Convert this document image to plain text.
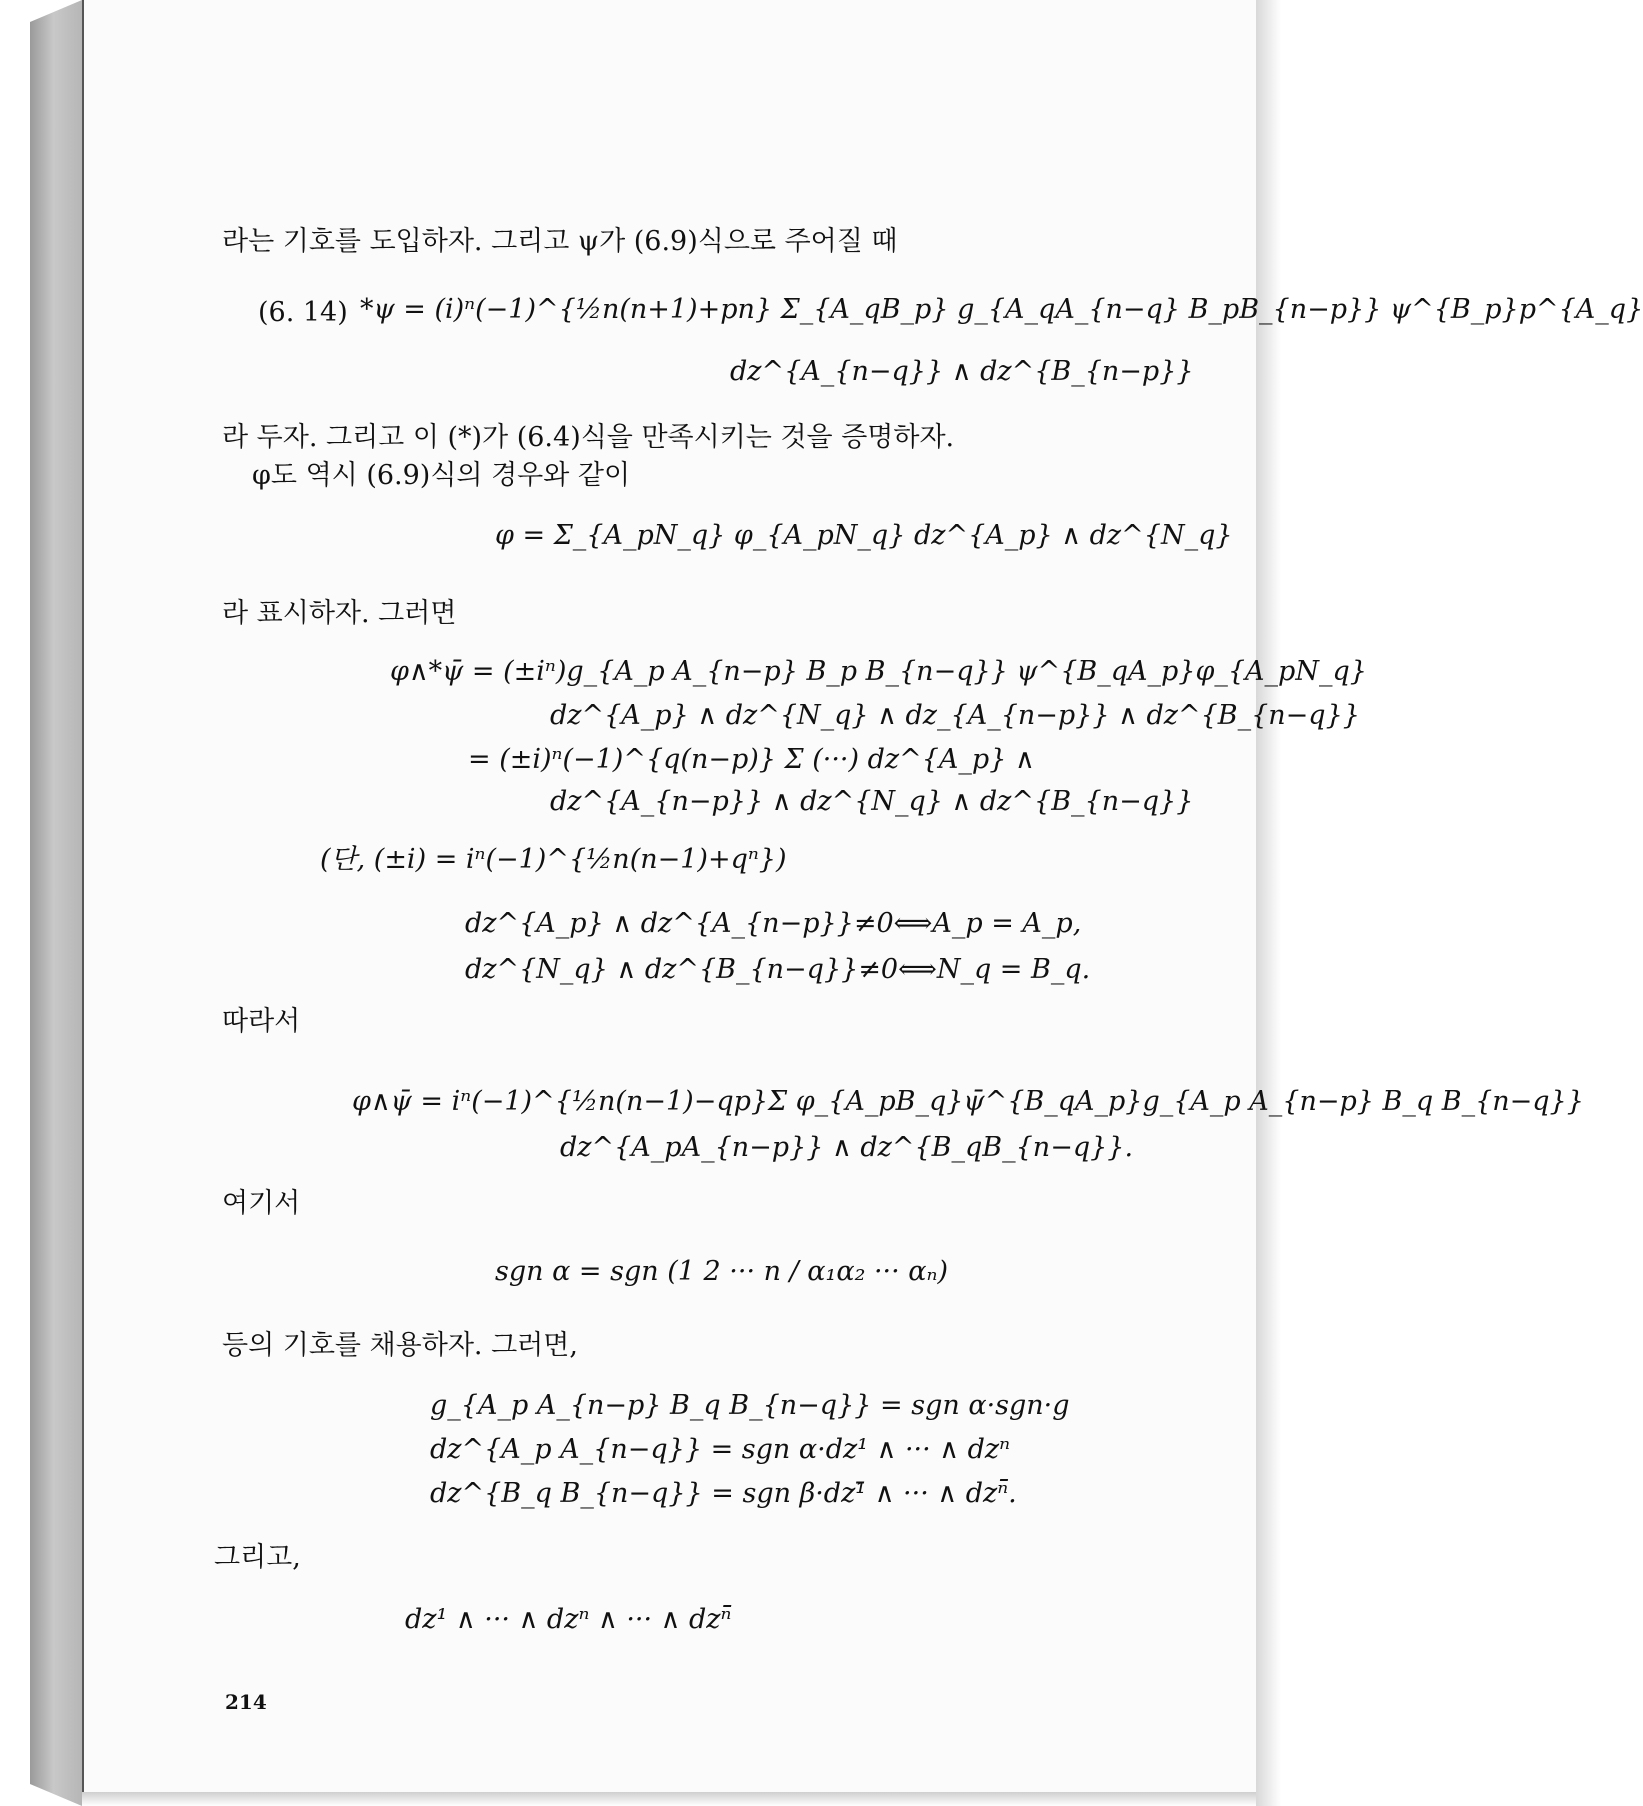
라는 기호를 도입하자. 그리고 ψ가 (6.9)식으로 주어질 때
(6. 14) *ψ = (i)ⁿ(−1)^{½n(n+1)+pn} Σ_{A_qB_p} g_{A_qA_{n−q} B_pB_{n−p}} ψ^{B_p}p^{A_q}
dz^{A_{n−q}} ∧ dz^{B_{n−p}}
라 두자. 그리고 이 (*)가 (6.4)식을 만족시키는 것을 증명하자.
φ도 역시 (6.9)식의 경우와 같이
φ = Σ_{A_pN_q} φ_{A_pN_q} dz^{A_p} ∧ dz^{N_q}
라 표시하자. 그러면
φ∧*ψ̄ = (±iⁿ)g_{A_p A_{n−p} B_p B_{n−q}} ψ^{B_qA_p}φ_{A_pN_q}
dz^{A_p} ∧ dz^{N_q} ∧ dz_{A_{n−p}} ∧ dz^{B_{n−q}}
= (±i)ⁿ(−1)^{q(n−p)} Σ (···) dz^{A_p} ∧
dz^{A_{n−p}} ∧ dz^{N_q} ∧ dz^{B_{n−q}}
(단, (±i) = iⁿ(−1)^{½n(n−1)+qⁿ})
dz^{A_p} ∧ dz^{A_{n−p}}≠0⟺A_p = A_p,
dz^{N_q} ∧ dz^{B_{n−q}}≠0⟺N_q = B_q.
따라서
φ∧ψ̄ = iⁿ(−1)^{½n(n−1)−qp}Σ φ_{A_pB_q}ψ̄^{B_qA_p}g_{A_p A_{n−p} B_q B_{n−q}}
dz^{A_pA_{n−p}} ∧ dz^{B_qB_{n−q}}.
여기서
sgn α = sgn (1 2 ··· n / α₁α₂ ··· αₙ)
등의 기호를 채용하자. 그러면,
g_{A_p A_{n−p} B_q B_{n−q}} = sgn α·sgn·g
dz^{A_p A_{n−q}} = sgn α·dz¹ ∧ ··· ∧ dzⁿ
dz^{B_q B_{n−q}} = sgn β·dz¹̄ ∧ ··· ∧ dzⁿ̄.
그리고,
dz¹ ∧ ··· ∧ dzⁿ ∧ ··· ∧ dzⁿ̄
214
